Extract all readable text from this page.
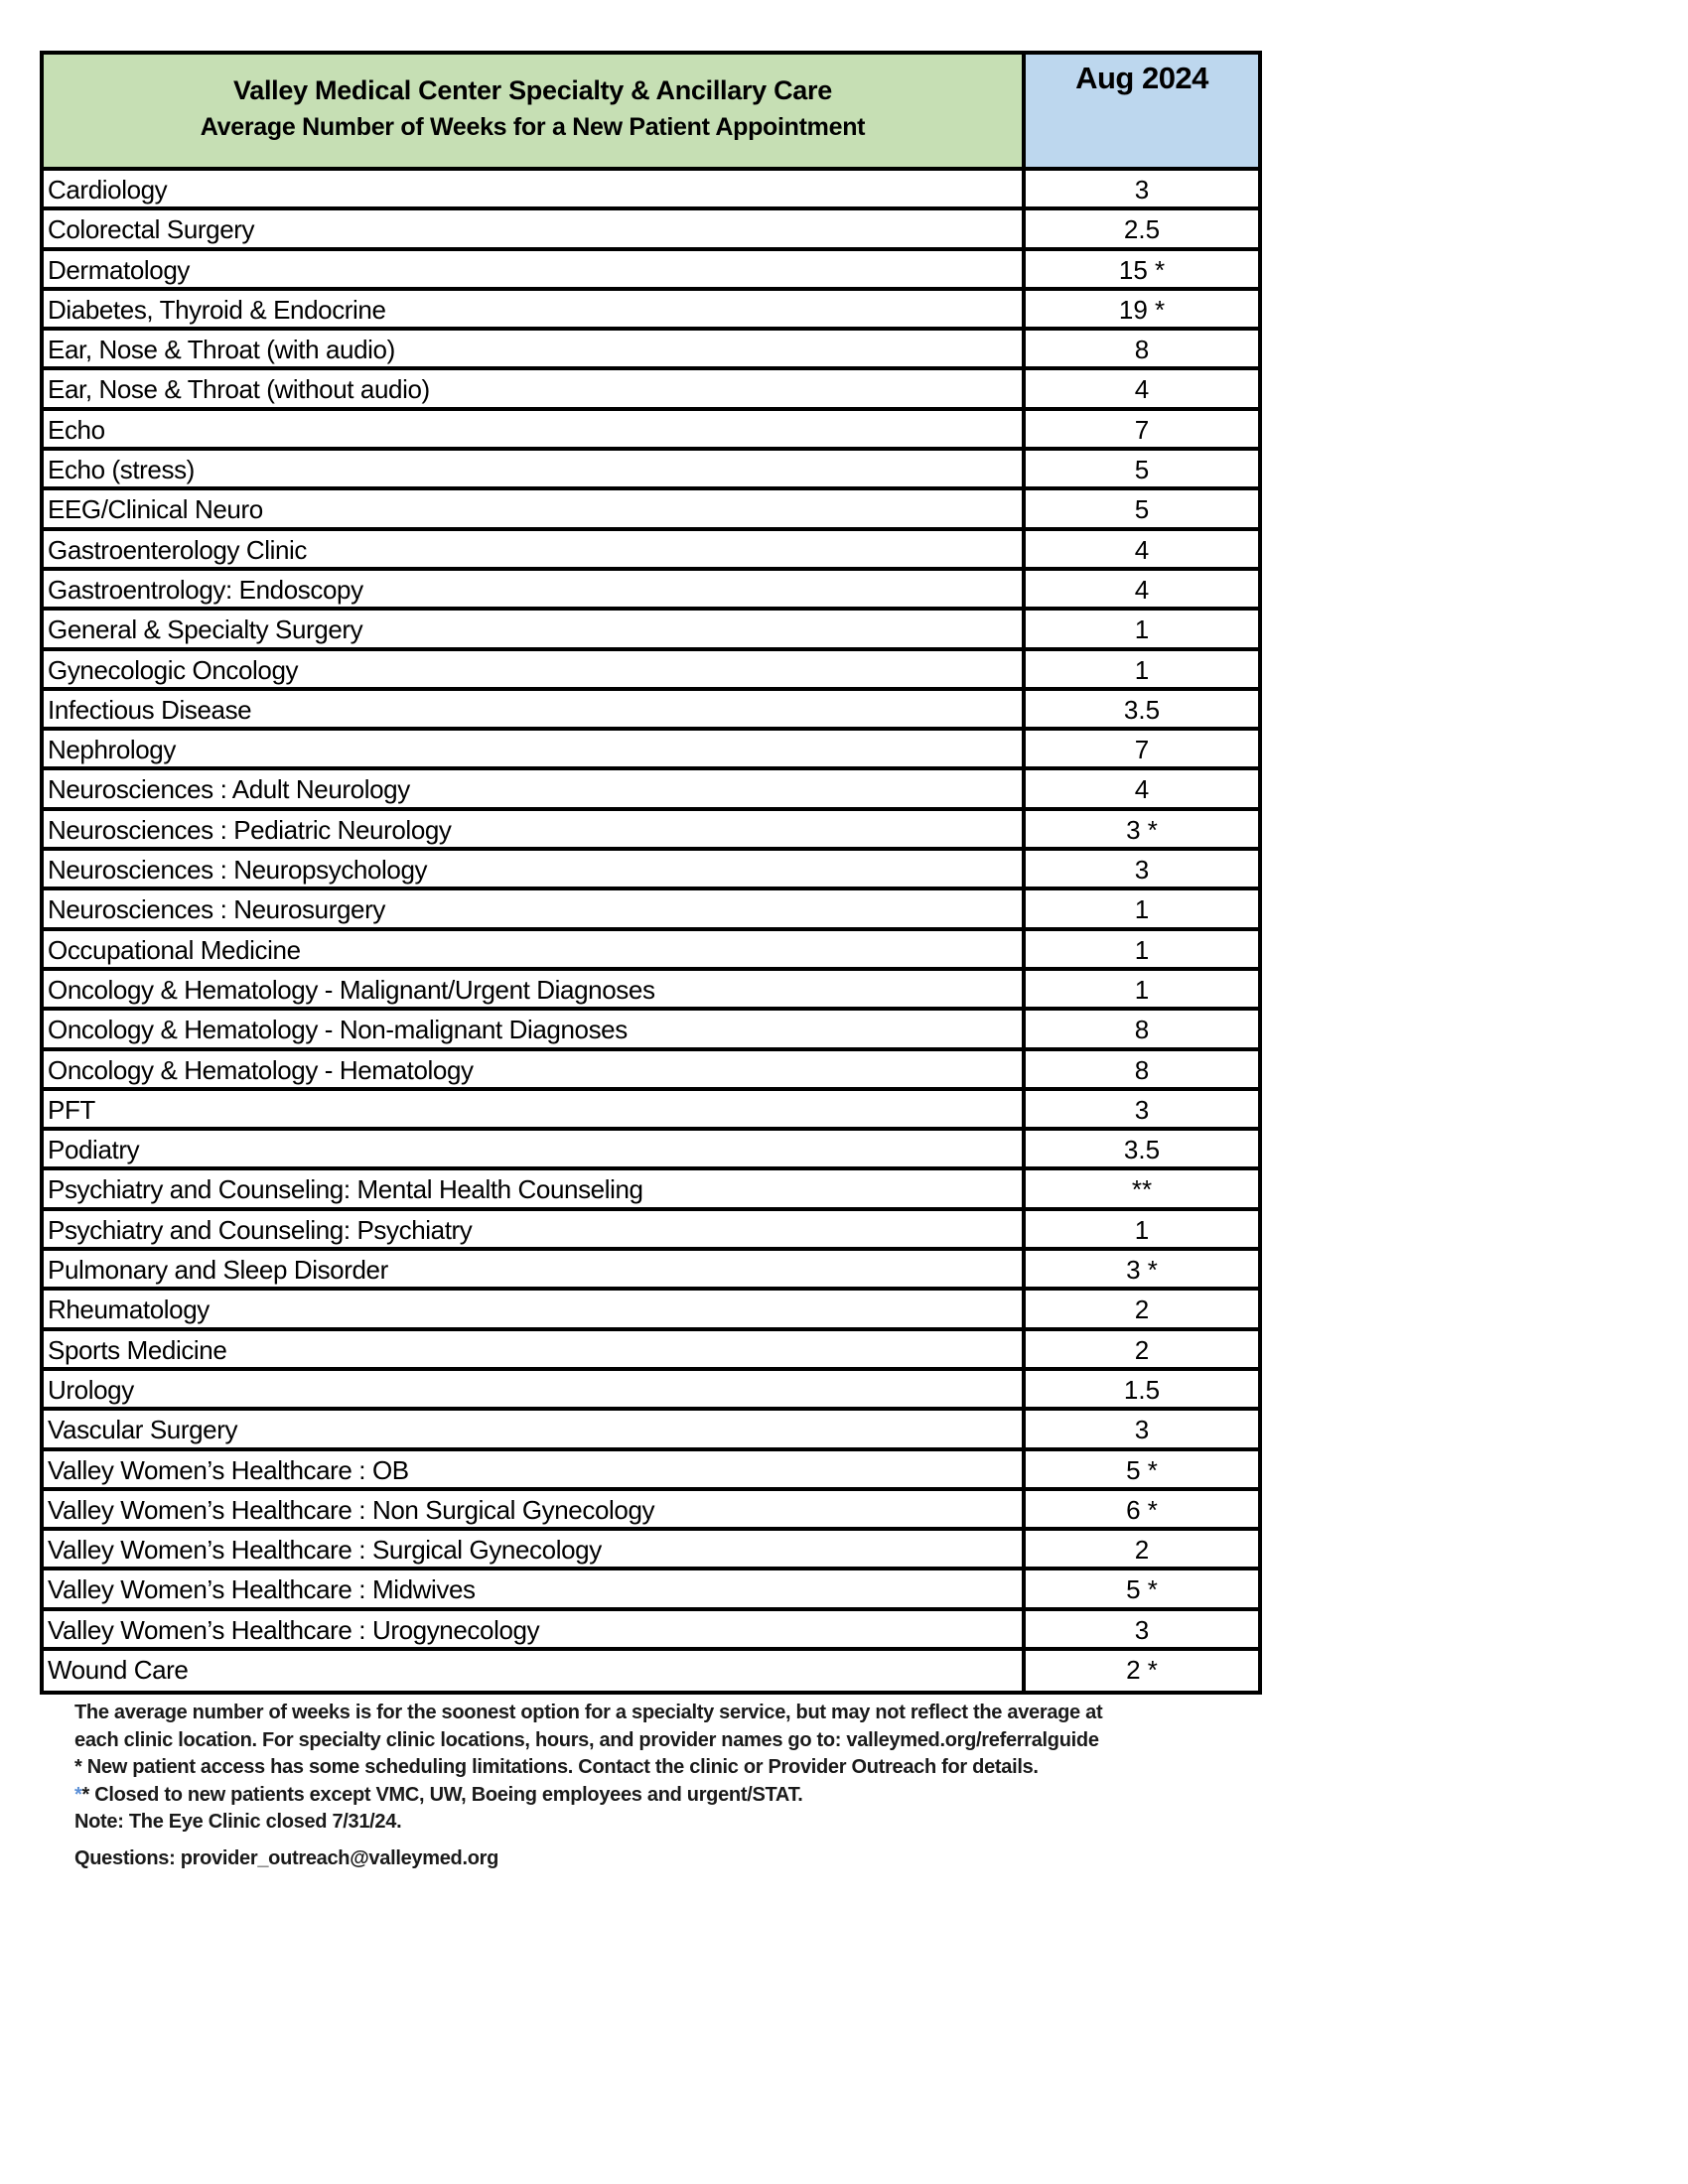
Valley Medical Center Specialty & Ancillary Care
Average Number of Weeks for a New Patient Appointment
Aug 2024
Cardiology	3
Colorectal Surgery	2.5
Dermatology	15 *
Diabetes, Thyroid & Endocrine	19 *
Ear, Nose & Throat (with audio)	8
Ear, Nose & Throat (without audio)	4
Echo	7
Echo (stress)	5
EEG/Clinical Neuro	5
Gastroenterology Clinic	4
Gastroentrology: Endoscopy	4
General & Specialty Surgery	1
Gynecologic Oncology	1
Infectious Disease	3.5
Nephrology	7
Neurosciences : Adult Neurology	4
Neurosciences : Pediatric Neurology	3 *
Neurosciences : Neuropsychology	3
Neurosciences : Neurosurgery	1
Occupational Medicine	1
Oncology & Hematology - Malignant/Urgent Diagnoses	1
Oncology & Hematology - Non-malignant Diagnoses	8
Oncology & Hematology - Hematology	8
PFT	3
Podiatry	3.5
Psychiatry and Counseling: Mental Health Counseling	**
Psychiatry and Counseling: Psychiatry	1
Pulmonary and Sleep Disorder	3 *
Rheumatology	2
Sports Medicine	2
Urology	1.5
Vascular Surgery	3
Valley Women’s Healthcare : OB	5 *
Valley Women’s Healthcare : Non Surgical Gynecology	6 *
Valley Women’s Healthcare : Surgical Gynecology	2
Valley Women’s Healthcare : Midwives	5 *
Valley Women’s Healthcare : Urogynecology	3
Wound Care	2 *

The average number of weeks is for the soonest option for a specialty service, but may not reflect the average at

each clinic location. For specialty clinic locations, hours, and provider names go to: valleymed.org/referralguide

* New patient access has some scheduling limitations. Contact the clinic or Provider Outreach for details.

** Closed to new patients except VMC, UW, Boeing employees and urgent/STAT.

Note: The Eye Clinic closed 7/31/24.

Questions: provider_outreach@valleymed.org
